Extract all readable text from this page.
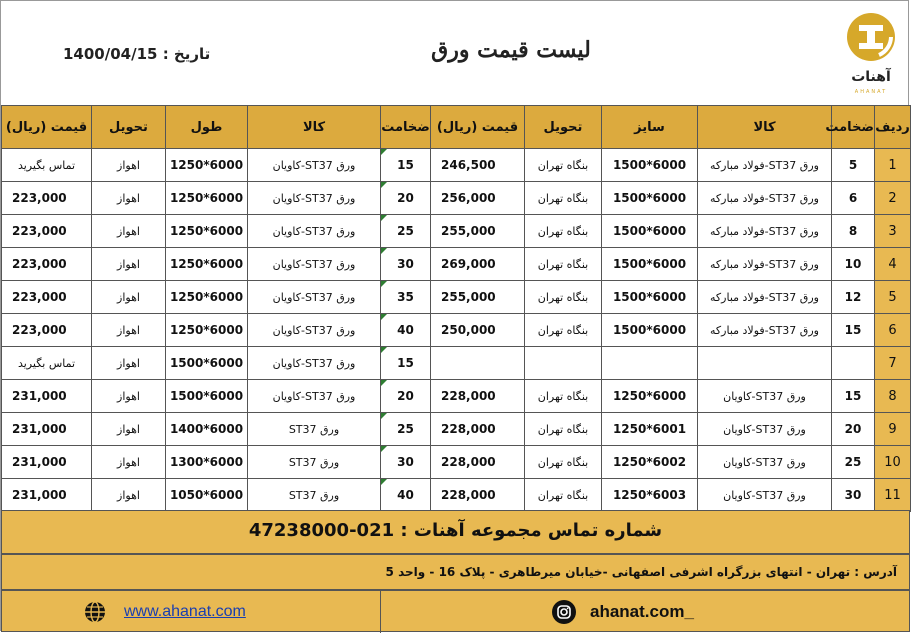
تاریخ : 1400/04/15	لیست قیمت ورق
آهنات
AHANAT
ردیف	ضخامت	کالا	سایز	تحویل	قیمت (ریال)	ضخامت	کالا	طول	تحویل	قیمت (ریال)
1	5	ورق ST37-فولاد مبارکه	6000*1500	بنگاه تهران	246,500	15	ورق ST37-کاویان	6000*1250	اهواز	تماس بگیرید
2	6	ورق ST37-فولاد مبارکه	6000*1500	بنگاه تهران	256,000	20	ورق ST37-کاویان	6000*1250	اهواز	223,000
3	8	ورق ST37-فولاد مبارکه	6000*1500	بنگاه تهران	255,000	25	ورق ST37-کاویان	6000*1250	اهواز	223,000
4	10	ورق ST37-فولاد مبارکه	6000*1500	بنگاه تهران	269,000	30	ورق ST37-کاویان	6000*1250	اهواز	223,000
5	12	ورق ST37-فولاد مبارکه	6000*1500	بنگاه تهران	255,000	35	ورق ST37-کاویان	6000*1250	اهواز	223,000
6	15	ورق ST37-فولاد مبارکه	6000*1500	بنگاه تهران	250,000	40	ورق ST37-کاویان	6000*1250	اهواز	223,000
7						15	ورق ST37-کاویان	6000*1500	اهواز	تماس بگیرید
8	15	ورق ST37-کاویان	6000*1250	بنگاه تهران	228,000	20	ورق ST37-کاویان	6000*1500	اهواز	231,000
9	20	ورق ST37-کاویان	6001*1250	بنگاه تهران	228,000	25	ورق ST37	6000*1400	اهواز	231,000
10	25	ورق ST37-کاویان	6002*1250	بنگاه تهران	228,000	30	ورق ST37	6000*1300	اهواز	231,000
11	30	ورق ST37-کاویان	6003*1250	بنگاه تهران	228,000	40	ورق ST37	6000*1050	اهواز	231,000
شماره تماس مجموعه آهنات : 021-47238000
آدرس : تهران - انتهای بزرگراه اشرفی اصفهانی -خیابان میرطاهری - پلاک 16 - واحد 5
www.ahanat.com	ahanat.com_
